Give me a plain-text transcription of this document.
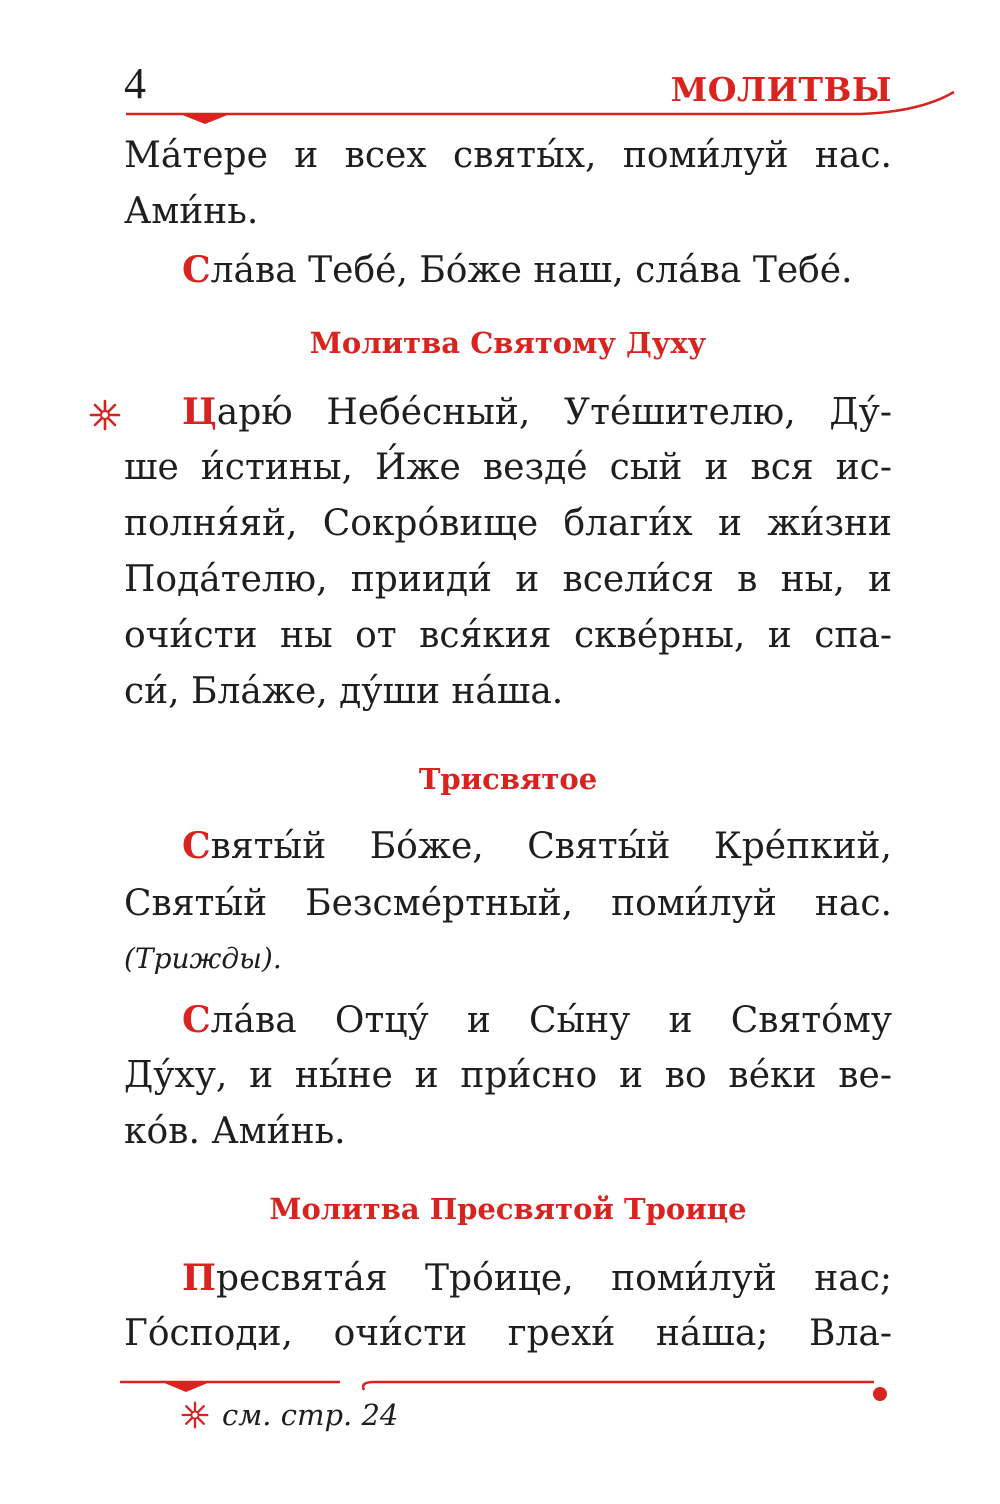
4	МОЛИТВЫ

Ма́тере и всех святы́х, поми́луй нас.

Ами́нь.

Сла́ва Тебе́, Бо́же наш, сла́ва Тебе́.

Молитва Святому Духу

Царю́ Небе́сный, Уте́шителю, Ду́-

ше и́стины, И́же везде́ сый и вся ис-

полня́яй, Сокро́вище благи́х и жи́зни

Пода́телю, прииди́ и всели́ся в ны, и

очи́сти ны от вся́кия скве́рны, и спа-

си́, Бла́же, ду́ши на́ша.

Трисвятое

Святы́й Бо́же, Святы́й Кре́пкий,

Святы́й Безсме́ртный, поми́луй нас.

(Трижды).

Сла́ва Отцу́ и Сы́ну и Свято́му

Ду́ху, и ны́не и при́сно и во ве́ки ве-

ко́в. Ами́нь.

Молитва Пресвятой Троице

Пресвята́я Тро́ице, поми́луй нас;

Го́споди, очи́сти грехи́ на́ша; Вла-

см. стр. 24
